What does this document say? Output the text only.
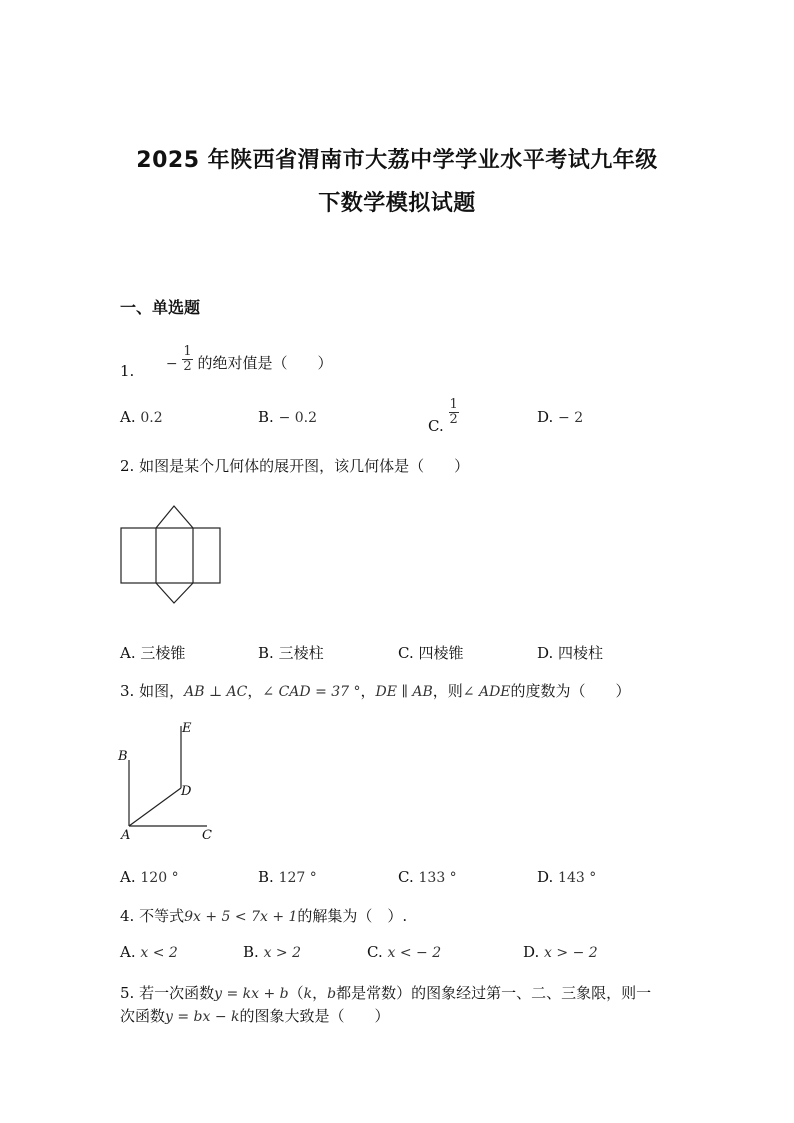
2025 年陕西省渭南市大荔中学学业水平考试九年级
下数学模拟试题
一、单选题
1. − $\frac{1}{2}$ 的绝对值是（　　）
A. 0.2	B. − 0.2	C. $\frac{1}{2}$	D. − 2
2. 如图是某个几何体的展开图，该几何体是（　　）
A. 三棱锥	B. 三棱柱	C. 四棱锥	D. 四棱柱
3. 如图，AB ⊥ AC，∠ CAD = 37 °，DE ∥ AB，则∠ ADE的度数为（　　）
B
A	C
D
E
A. 120 °	B. 127 °	C. 133 °	D. 143 °
4. 不等式9x + 5 < 7x + 1的解集为（　）.
A. x < 2	B. x > 2	C. x < − 2	D. x > − 2
5. 若一次函数y = kx + b（k，b都是常数）的图象经过第一、二、三象限，则一
次函数y = bx − k的图象大致是（　　）
